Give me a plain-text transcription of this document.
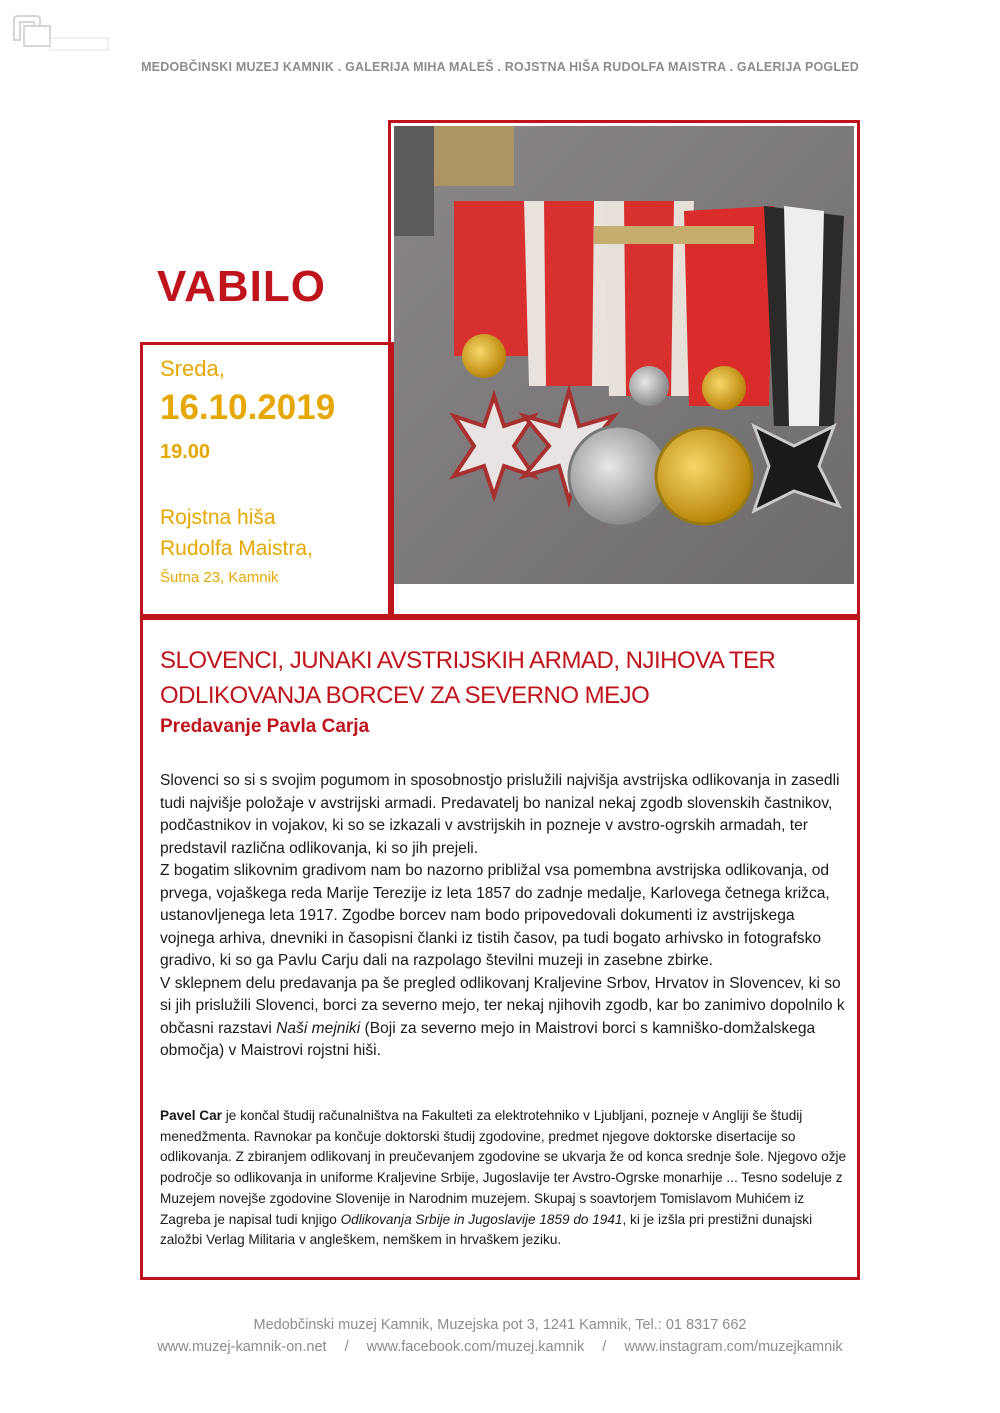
MEDOBČINSKI MUZEJ KAMNIK . GALERIJA MIHA MALEŠ . ROJSTNA HIŠA RUDOLFA MAISTRA . GALERIJA POGLED
VABILO
Sreda,
16.10.2019
19.00
Rojstna hiša
Rudolfa Maistra,
Šutna 23, Kamnik
SLOVENCI, JUNAKI AVSTRIJSKIH ARMAD, NJIHOVA TER
ODLIKOVANJA BORCEV ZA SEVERNO MEJO
Predavanje Pavla Carja

Slovenci so si s svojim pogumom in sposobnostjo prislužili najvišja avstrijska odlikovanja in zasedli tudi najvišje položaje v avstrijski armadi. Predavatelj bo nanizal nekaj zgodb slovenskih častnikov, podčastnikov in vojakov, ki so se izkazali v avstrijskih in pozneje v avstro-ogrskih armadah, ter predstavil različna odlikovanja, ki so jih prejeli.

Z bogatim slikovnim gradivom nam bo nazorno približal vsa pomembna avstrijska odlikovanja, od prvega, vojaškega reda Marije Terezije iz leta 1857 do zadnje medalje, Karlovega četnega križca, ustanovljenega leta 1917. Zgodbe borcev nam bodo pripovedovali dokumenti iz avstrijskega vojnega arhiva, dnevniki in časopisni članki iz tistih časov, pa tudi bogato arhivsko in fotografsko gradivo, ki so ga Pavlu Carju dali na razpolago številni muzeji in zasebne zbirke.

V sklepnem delu predavanja pa še pregled odlikovanj Kraljevine Srbov, Hrvatov in Slovencev, ki so si jih prislužili Slovenci, borci za severno mejo, ter nekaj njihovih zgodb, kar bo zanimivo dopolnilo k občasni razstavi Naši mejniki (Boji za severno mejo in Maistrovi borci s kamniško-domžalskega območja) v Maistrovi rojstni hiši.

Pavel Car je končal študij računalništva na Fakulteti za elektrotehniko v Ljubljani, pozneje v Angliji še študij menedžmenta. Ravnokar pa končuje doktorski študij zgodovine, predmet njegove doktorske disertacije so odlikovanja. Z zbiranjem odlikovanj in preučevanjem zgodovine se ukvarja že od konca srednje šole. Njegovo ožje področje so odlikovanja in uniforme Kraljevine Srbije, Jugoslavije ter Avstro-Ogrske monarhije ... Tesno sodeluje z Muzejem novejše zgodovine Slovenije in Narodnim muzejem. Skupaj s soavtorjem Tomislavom Muhićem iz Zagreba je napisal tudi knjigo Odlikovanja Srbije in Jugoslavije 1859 do 1941, ki je izšla pri prestižni dunajski založbi Verlag Militaria v angleškem, nemškem in hrvaškem jeziku.
Medobčinski muzej Kamnik, Muzejska pot 3, 1241 Kamnik, Tel.: 01 8317 662
www.muzej-kamnik-on.net / www.facebook.com/muzej.kamnik / www.instagram.com/muzejkamnik
